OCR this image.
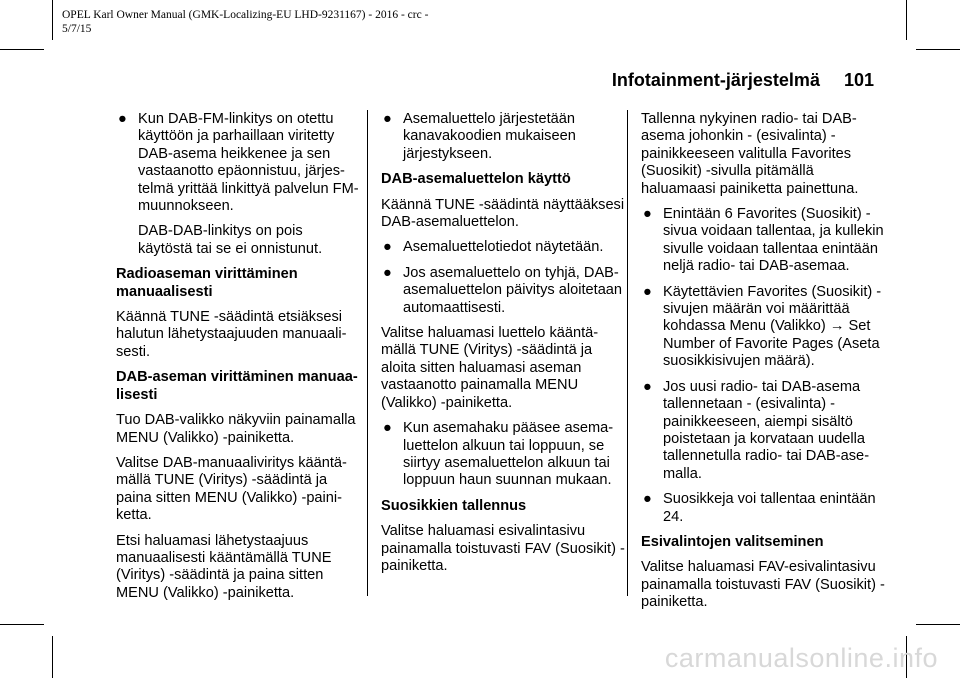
OPEL Karl Owner Manual (GMK-Localizing-EU LHD-9231167) - 2016 - crc -
5/7/15
Infotainment-järjestelmä 101
● Kun DAB-FM-linkitys on otettu käyttöön ja parhaillaan viritetty DAB-asema heikkenee ja sen vastaanotto epäonnistuu, järjestelmä yrittää linkittyä palvelun FM-muunnokseen.

DAB-DAB-linkitys on pois käytöstä tai se ei onnistunut.

Radioaseman virittäminen manuaalisesti

Käännä TUNE -säädintä etsiäksesi halutun lähetystaajuuden manuaalisesti.

DAB-aseman virittäminen manuaalisesti

Tuo DAB-valikko näkyviin painamalla MENU (Valikko) -painiketta.

Valitse DAB-manuaaliviritys kääntämällä TUNE (Viritys) -säädintä ja paina sitten MENU (Valikko) -painiketta.

Etsi haluamasi lähetystaajuus manuaalisesti kääntämällä TUNE (Viritys) -säädintä ja paina sitten MENU (Valikko) -painiketta.

● Asemaluettelo järjestetään kanavakoodien mukaiseen järjestykseen.

DAB-asemaluettelon käyttö

Käännä TUNE -säädintä näyttääksesi DAB-asemaluettelon.

● Asemaluettelotiedot näytetään.
● Jos asemaluettelo on tyhjä, DAB-asemaluettelon päivitys aloitetaan automaattisesti.

Valitse haluamasi luettelo kääntämällä TUNE (Viritys) -säädintä ja aloita sitten haluamasi aseman vastaanotto painamalla MENU (Valikko) -painiketta.

● Kun asemahaku pääsee asemaluettelon alkuun tai loppuun, se siirtyy asemaluettelon alkuun tai loppuun haun suunnan mukaan.

Suosikkien tallennus

Valitse haluamasi esivalintasivu painamalla toistuvasti FAV (Suosikit) -painiketta.

Tallenna nykyinen radio- tai DAB-asema johonkin - (esivalinta) -painikkeeseen valitulla Favorites (Suosikit) -sivulla pitämällä haluamaasi painiketta painettuna.

● Enintään 6 Favorites (Suosikit) -sivua voidaan tallentaa, ja kullekin sivulle voidaan tallentaa enintään neljä radio- tai DAB-asemaa.
● Käytettävien Favorites (Suosikit) -sivujen määrän voi määrittää kohdassa Menu (Valikko) → Set Number of Favorite Pages (Aseta suosikkisivujen määrä).
● Jos uusi radio- tai DAB-asema tallennetaan - (esivalinta) -painikkeeseen, aiempi sisältö poistetaan ja korvataan uudella tallennetulla radio- tai DAB-asemalla.
● Suosikkeja voi tallentaa enintään 24.

Esivalintojen valitseminen

Valitse haluamasi FAV-esivalintasivu painamalla toistuvasti FAV (Suosikit) -painiketta.

carmanualsonline.info
